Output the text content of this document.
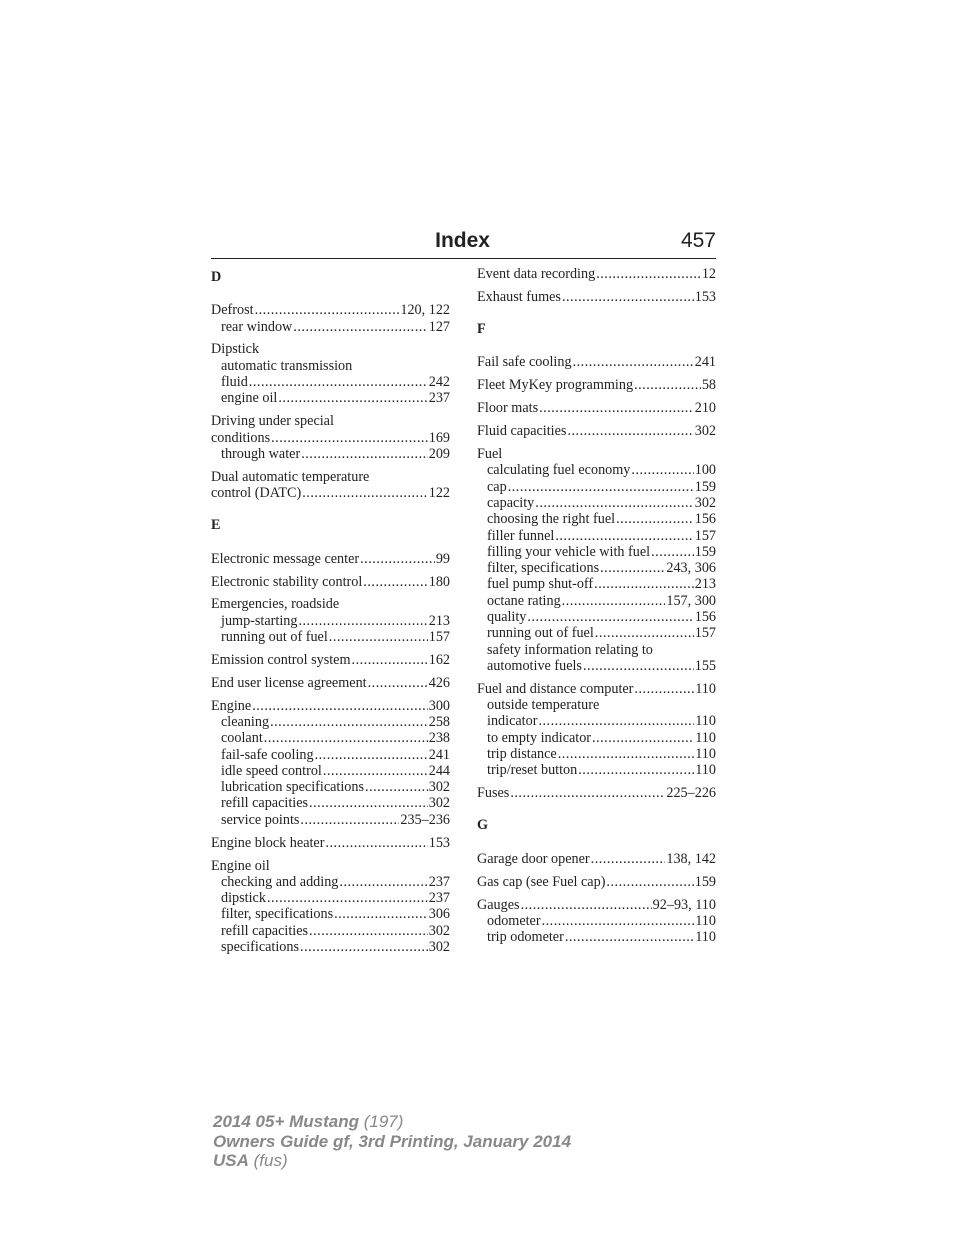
Index	457
D
Defrost .....	120, 122
rear window .....	127
Dipstick
automatic transmission
fluid .....	242
engine oil .....	237
Driving under special
conditions .....	169
through water .....	209
Dual automatic temperature
control (DATC) .....	122
E
Electronic message center .....	99
Electronic stability control .....	180
Emergencies, roadside
jump-starting .....	213
running out of fuel .....	157
Emission control system .....	162
End user license agreement .....	426
Engine .....	300
cleaning .....	258
coolant .....	238
fail-safe cooling .....	241
idle speed control .....	244
lubrication specifications .....	302
refill capacities .....	302
service points .....	235–236
Engine block heater .....	153
Engine oil
checking and adding .....	237
dipstick .....	237
filter, specifications .....	306
refill capacities .....	302
specifications .....	302
Event data recording .....	12
Exhaust fumes .....	153
F
Fail safe cooling .....	241
Fleet MyKey programming .....	58
Floor mats .....	210
Fluid capacities .....	302
Fuel
calculating fuel economy .....	100
cap .....	159
capacity .....	302
choosing the right fuel .....	156
filler funnel .....	157
filling your vehicle with fuel .....	159
filter, specifications .....	243, 306
fuel pump shut-off .....	213
octane rating .....	157, 300
quality .....	156
running out of fuel .....	157
safety information relating to
automotive fuels .....	155
Fuel and distance computer .....	110
outside temperature
indicator .....	110
to empty indicator .....	110
trip distance .....	110
trip/reset button .....	110
Fuses .....	225–226
G
Garage door opener .....	138, 142
Gas cap (see Fuel cap) .....	159
Gauges .....	92–93, 110
odometer .....	110
trip odometer .....	110
2014 05+ Mustang (197)
Owners Guide gf, 3rd Printing, January 2014
USA (fus)
